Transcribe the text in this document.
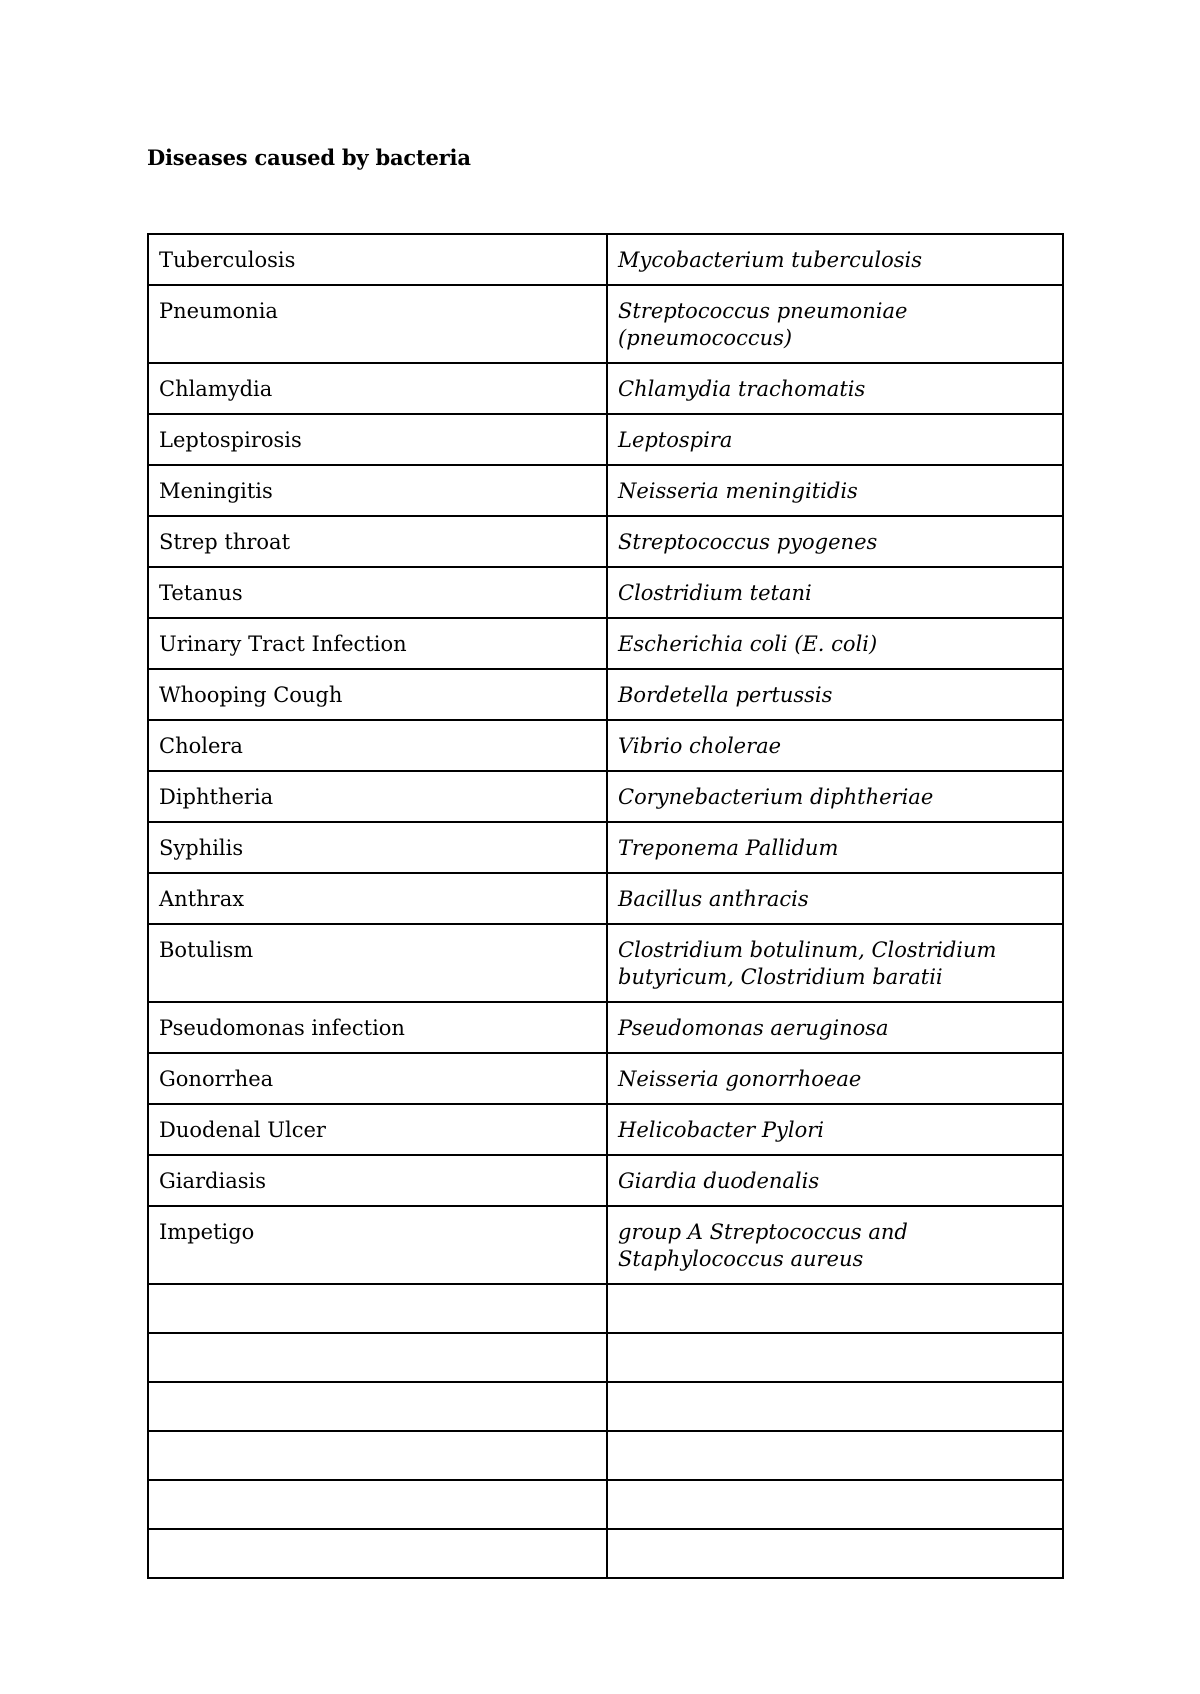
Diseases caused by bacteria
Tuberculosis	Mycobacterium tuberculosis
Pneumonia	Streptococcus pneumoniae (pneumococcus)
Chlamydia	Chlamydia trachomatis
Leptospirosis	Leptospira
Meningitis	Neisseria meningitidis
Strep throat	Streptococcus pyogenes
Tetanus	Clostridium tetani
Urinary Tract Infection	Escherichia coli (E. coli)
Whooping Cough	Bordetella pertussis
Cholera	Vibrio cholerae
Diphtheria	Corynebacterium diphtheriae
Syphilis	Treponema Pallidum
Anthrax	Bacillus anthracis
Botulism	Clostridium botulinum, Clostridium butyricum, Clostridium baratii
Pseudomonas infection	Pseudomonas aeruginosa
Gonorrhea	Neisseria gonorrhoeae
Duodenal Ulcer	Helicobacter Pylori
Giardiasis	Giardia duodenalis
Impetigo	group A Streptococcus and Staphylococcus aureus
